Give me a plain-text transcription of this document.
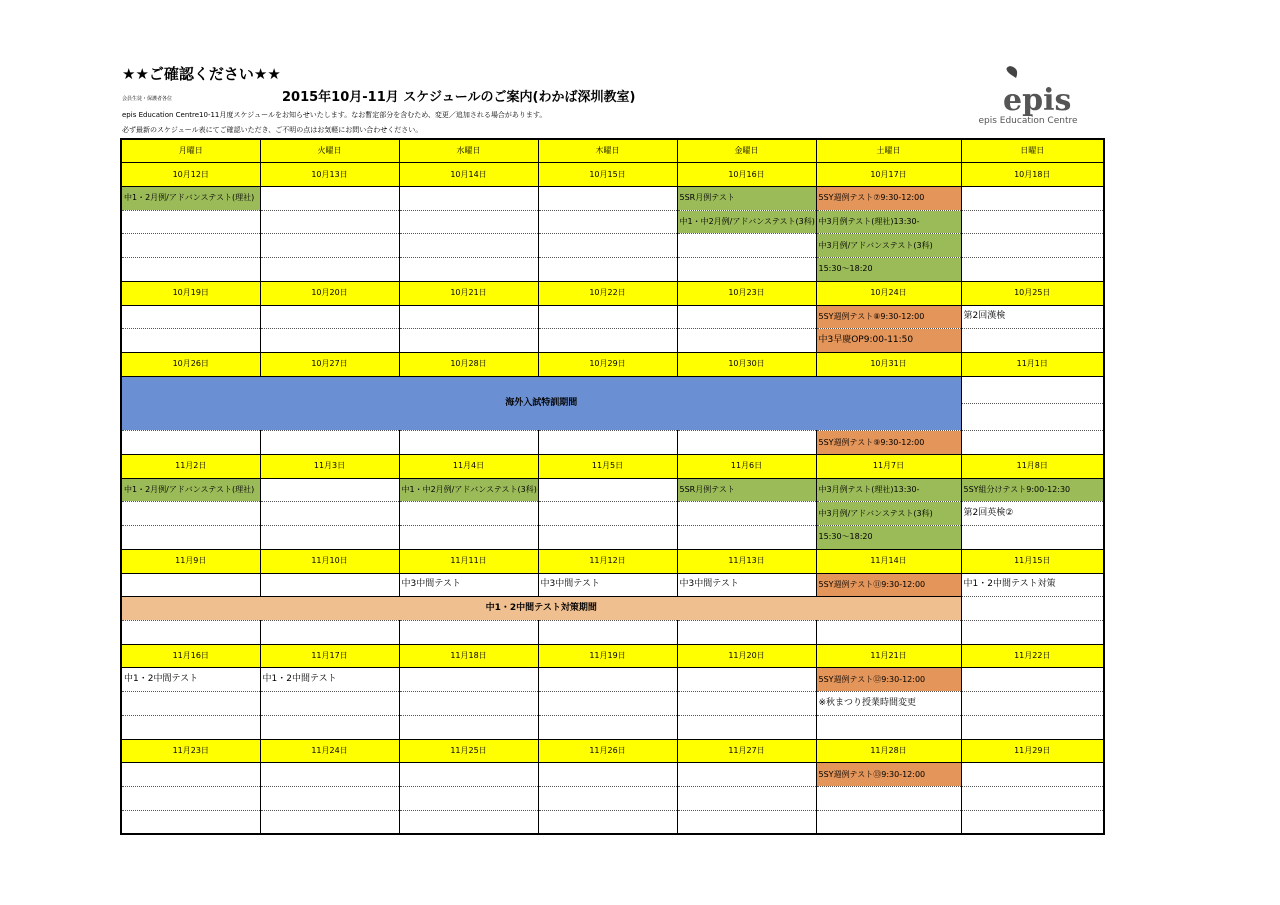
★★ご確認ください★★
会員生徒・保護者各位	2015年10月-11月 スケジュールのご案内(わかば深圳教室)
epis Education Centre10-11月度スケジュールをお知らせいたします。なお暫定部分を含むため、変更／追加される場合があります。
必ず最新のスケジュール表にてご確認いただき、ご不明の点はお気軽にお問い合わせください。
epis
epis Education Centre
月曜日	火曜日	水曜日	木曜日	金曜日	土曜日	日曜日
10月12日	10月13日	10月14日	10月15日	10月16日	10月17日	10月18日
中1・2月例/アドバンステスト(理社)				5SR月例テスト	5SY週例テスト⑦9:30-12:00	
				中1・中2月例/アドバンステスト(3科)	中3月例テスト(理社)13:30-	
					中3月例/アドバンステスト(3科)	
					15:30～18:20	
10月19日	10月20日	10月21日	10月22日	10月23日	10月24日	10月25日
					5SY週例テスト⑧9:30-12:00	第2回漢検
					中3早慶OP9:00-11:50	
10月26日	10月27日	10月28日	10月29日	10月30日	10月31日	11月1日
海外入試特訓期間						

					5SY週例テスト⑨9:30-12:00	
11月2日	11月3日	11月4日	11月5日	11月6日	11月7日	11月8日
中1・2月例/アドバンステスト(理社)		中1・中2月例/アドバンステスト(3科)		5SR月例テスト	中3月例テスト(理社)13:30-	5SY組分けテスト9:00-12:30
					中3月例/アドバンステスト(3科)	第2回英検②
					15:30～18:20	
11月9日	11月10日	11月11日	11月12日	11月13日	11月14日	11月15日
		中3中間テスト	中3中間テスト	中3中間テスト	5SY週例テスト⑪9:30-12:00	中1・2中間テスト対策
中1・2中間テスト対策期間						

11月16日	11月17日	11月18日	11月19日	11月20日	11月21日	11月22日
中1・2中間テスト	中1・2中間テスト				5SY週例テスト⑫9:30-12:00	
					※秋まつり授業時間変更	

11月23日	11月24日	11月25日	11月26日	11月27日	11月28日	11月29日
					5SY週例テスト⑬9:30-12:00	
